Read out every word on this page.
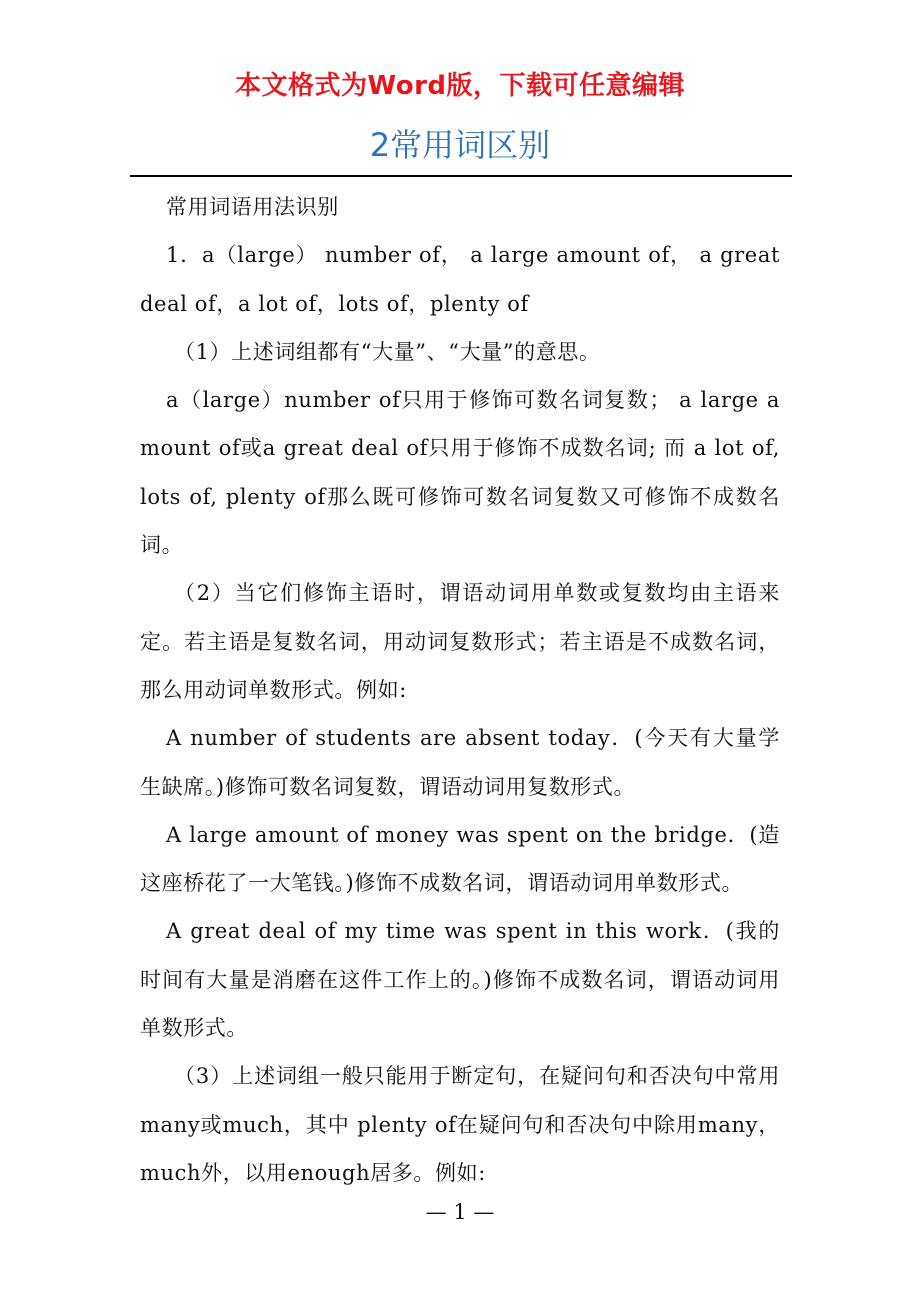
本文格式为Word版，下载可任意编辑
2常用词区别

常用词语用法识别

1．a（large） number of， a large amount of， a great deal of，a lot of，lots of，plenty of

（1）上述词组都有“大量”、“大量”的意思。

a（large）number of只用于修饰可数名词复数； a large amount of或a great deal of只用于修饰不成数名词; 而 a lot of, lots of, plenty of那么既可修饰可数名词复数又可修饰不成数名词。

（2）当它们修饰主语时，谓语动词用单数或复数均由主语来定。若主语是复数名词，用动词复数形式；若主语是不成数名词，那么用动词单数形式。例如:

A number of students are absent today．(今天有大量学生缺席。)修饰可数名词复数，谓语动词用复数形式。

A large amount of money was spent on the bridge．(造这座桥花了一大笔钱。)修饰不成数名词，谓语动词用单数形式。

A great deal of my time was spent in this work．(我的时间有大量是消磨在这件工作上的。)修饰不成数名词，谓语动词用单数形式。

（3）上述词组一般只能用于断定句，在疑问句和否决句中常用 many或much，其中 plenty of在疑问句和否决句中除用many，much外，以用enough居多。例如:

— 1 —
